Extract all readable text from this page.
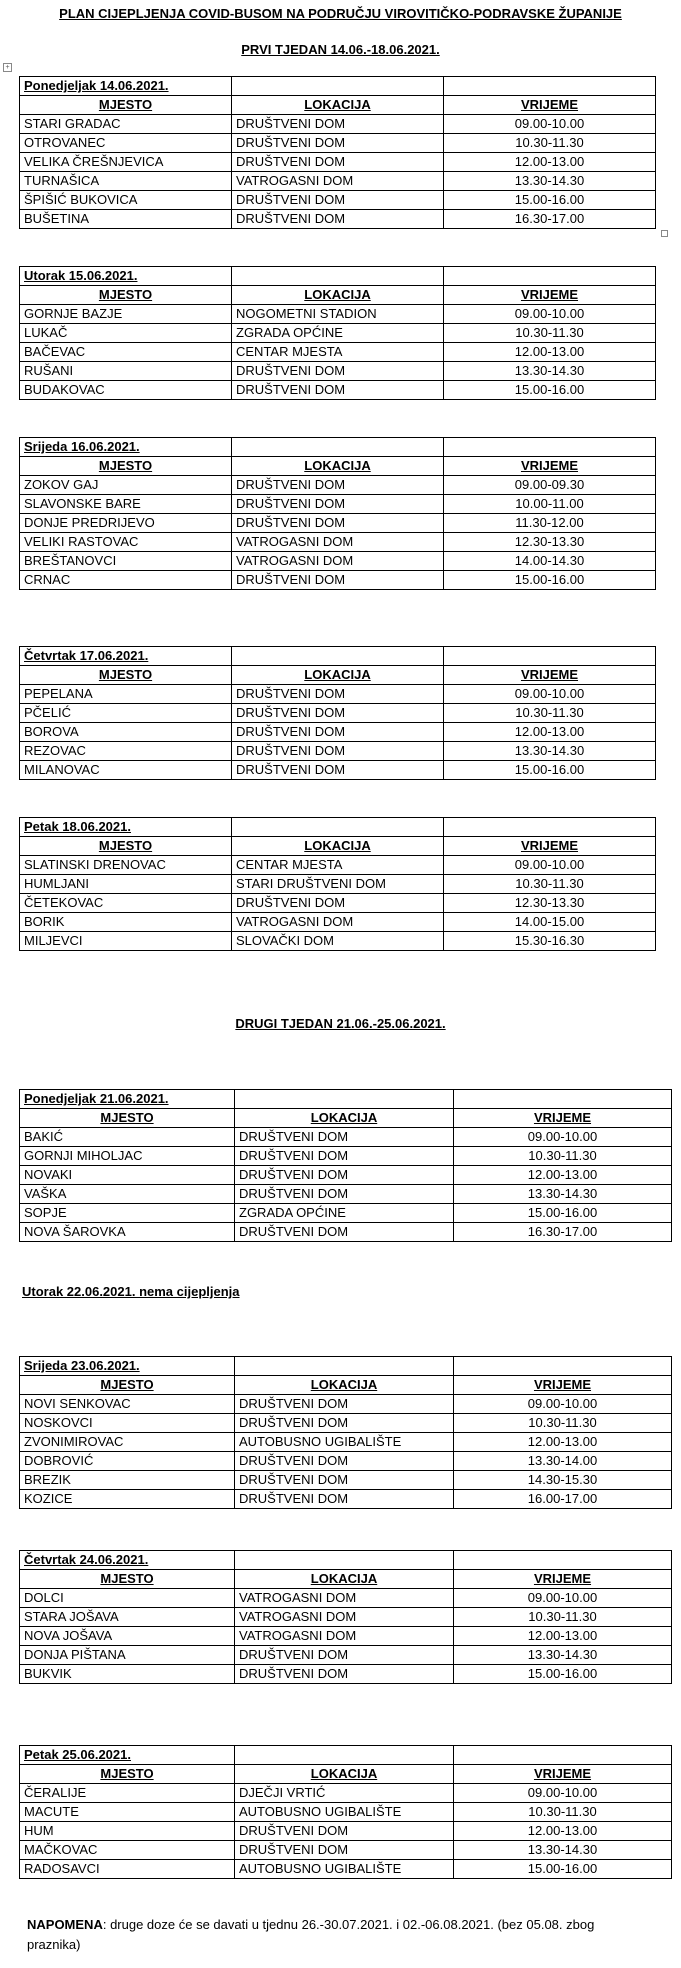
PLAN CIJEPLJENJA COVID-BUSOM NA PODRUČJU VIROVITIČKO-PODRAVSKE ŽUPANIJE
PRVI TJEDAN 14.06.-18.06.2021.
+
Ponedjeljak 14.06.2021.		
MJESTO	LOKACIJA	VRIJEME
STARI GRADAC	DRUŠTVENI DOM	09.00-10.00
OTROVANEC	DRUŠTVENI DOM	10.30-11.30
VELIKA ČREŠNJEVICA	DRUŠTVENI DOM	12.00-13.00
TURNAŠICA	VATROGASNI DOM	13.30-14.30
ŠPIŠIĆ BUKOVICA	DRUŠTVENI DOM	15.00-16.00
BUŠETINA	DRUŠTVENI DOM	16.30-17.00
Utorak 15.06.2021.		
MJESTO	LOKACIJA	VRIJEME
GORNJE BAZJE	NOGOMETNI STADION	09.00-10.00
LUKAČ	ZGRADA OPĆINE	10.30-11.30
BAČEVAC	CENTAR MJESTA	12.00-13.00
RUŠANI	DRUŠTVENI DOM	13.30-14.30
BUDAKOVAC	DRUŠTVENI DOM	15.00-16.00
Srijeda 16.06.2021.		
MJESTO	LOKACIJA	VRIJEME
ZOKOV GAJ	DRUŠTVENI DOM	09.00-09.30
SLAVONSKE BARE	DRUŠTVENI DOM	10.00-11.00
DONJE PREDRIJEVO	DRUŠTVENI DOM	11.30-12.00
VELIKI RASTOVAC	VATROGASNI DOM	12.30-13.30
BREŠTANOVCI	VATROGASNI DOM	14.00-14.30
CRNAC	DRUŠTVENI DOM	15.00-16.00
Četvrtak 17.06.2021.		
MJESTO	LOKACIJA	VRIJEME
PEPELANA	DRUŠTVENI DOM	09.00-10.00
PČELIĆ	DRUŠTVENI DOM	10.30-11.30
BOROVA	DRUŠTVENI DOM	12.00-13.00
REZOVAC	DRUŠTVENI DOM	13.30-14.30
MILANOVAC	DRUŠTVENI DOM	15.00-16.00
Petak 18.06.2021.		
MJESTO	LOKACIJA	VRIJEME
SLATINSKI DRENOVAC	CENTAR MJESTA	09.00-10.00
HUMLJANI	STARI DRUŠTVENI DOM	10.30-11.30
ČETEKOVAC	DRUŠTVENI DOM	12.30-13.30
BORIK	VATROGASNI DOM	14.00-15.00
MILJEVCI	SLOVAČKI DOM	15.30-16.30
Ponedjeljak 21.06.2021.		
MJESTO	LOKACIJA	VRIJEME
BAKIĆ	DRUŠTVENI DOM	09.00-10.00
GORNJI MIHOLJAC	DRUŠTVENI DOM	10.30-11.30
NOVAKI	DRUŠTVENI DOM	12.00-13.00
VAŠKA	DRUŠTVENI DOM	13.30-14.30
SOPJE	ZGRADA OPĆINE	15.00-16.00
NOVA ŠAROVKA	DRUŠTVENI DOM	16.30-17.00
Srijeda 23.06.2021.		
MJESTO	LOKACIJA	VRIJEME
NOVI SENKOVAC	DRUŠTVENI DOM	09.00-10.00
NOSKOVCI	DRUŠTVENI DOM	10.30-11.30
ZVONIMIROVAC	AUTOBUSNO UGIBALIŠTE	12.00-13.00
DOBROVIĆ	DRUŠTVENI DOM	13.30-14.00
BREZIK	DRUŠTVENI DOM	14.30-15.30
KOZICE	DRUŠTVENI DOM	16.00-17.00
Četvrtak 24.06.2021.		
MJESTO	LOKACIJA	VRIJEME
DOLCI	VATROGASNI DOM	09.00-10.00
STARA JOŠAVA	VATROGASNI DOM	10.30-11.30
NOVA JOŠAVA	VATROGASNI DOM	12.00-13.00
DONJA PIŠTANA	DRUŠTVENI DOM	13.30-14.30
BUKVIK	DRUŠTVENI DOM	15.00-16.00
Petak 25.06.2021.		
MJESTO	LOKACIJA	VRIJEME
ČERALIJE	DJEČJI VRTIĆ	09.00-10.00
MACUTE	AUTOBUSNO UGIBALIŠTE	10.30-11.30
HUM	DRUŠTVENI DOM	12.00-13.00
MAČKOVAC	DRUŠTVENI DOM	13.30-14.30
RADOSAVCI	AUTOBUSNO UGIBALIŠTE	15.00-16.00
Utorak 22.06.2021. nema cijepljenja
NAPOMENA: druge doze će se davati u tjednu 26.-30.07.2021. i 02.-06.08.2021. (bez 05.08. zbog praznika)
DRUGI TJEDAN 21.06.-25.06.2021.
